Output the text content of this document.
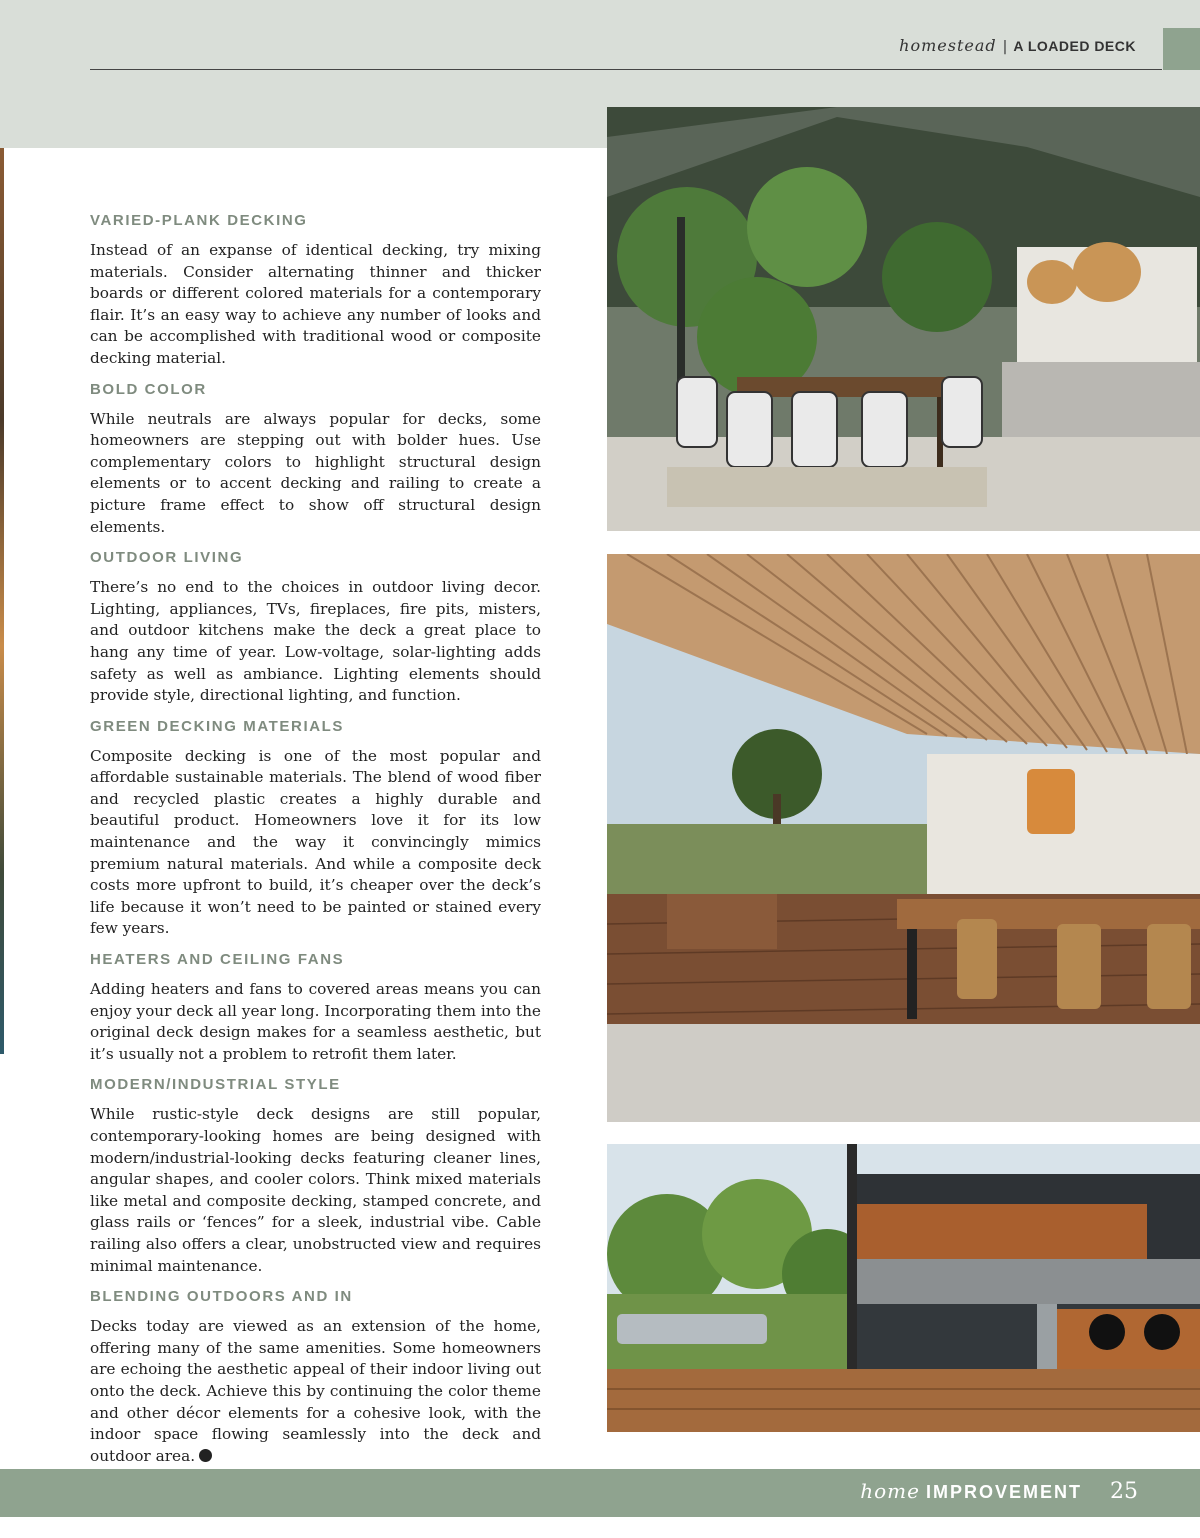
homestead | A LOADED DECK
VARIED-PLANK DECKING

Instead of an expanse of identical decking, try mixing materials. Consider alternating thinner and thicker boards or different colored materials for a contemporary flair. It’s an easy way to achieve any number of looks and can be accomplished with traditional wood or composite decking material.

BOLD COLOR

While neutrals are always popular for decks, some homeowners are stepping out with bolder hues. Use complementary colors to highlight structural design elements or to accent decking and railing to create a picture frame effect to show off structural design elements.

OUTDOOR LIVING

There’s no end to the choices in outdoor living decor. Lighting, appliances, TVs, fireplaces, fire pits, misters, and outdoor kitchens make the deck a great place to hang any time of year. Low-voltage, solar-lighting adds safety as well as ambiance. Lighting elements should provide style, directional lighting, and function.

GREEN DECKING MATERIALS

Composite decking is one of the most popular and affordable sustainable materials. The blend of wood fiber and recycled plastic creates a highly durable and beautiful product. Homeowners love it for its low maintenance and the way it convincingly mimics premium natural materials. And while a composite deck costs more upfront to build, it’s cheaper over the deck’s life because it won’t need to be painted or stained every few years.

HEATERS AND CEILING FANS

Adding heaters and fans to covered areas means you can enjoy your deck all year long. Incorporating them into the original deck design makes for a seamless aesthetic, but it’s usually not a problem to retrofit them later.

MODERN/INDUSTRIAL STYLE

While rustic-style deck designs are still popular, contemporary-looking homes are being designed with modern/industrial-looking decks featuring cleaner lines, angular shapes, and cooler colors. Think mixed materials like metal and composite decking, stamped concrete, and glass rails or ‘fences” for a sleek, industrial vibe. Cable railing also offers a clear, unobstructed view and requires minimal maintenance.

BLENDING OUTDOORS AND IN

Decks today are viewed as an extension of the home, offering many of the same amenities. Some homeowners are echoing the aesthetic appeal of their indoor living out onto the deck. Achieve this by continuing the color theme and other décor elements for a cohesive look, with the indoor space flowing seamlessly into the deck and outdoor area.

home IMPROVEMENT 25
